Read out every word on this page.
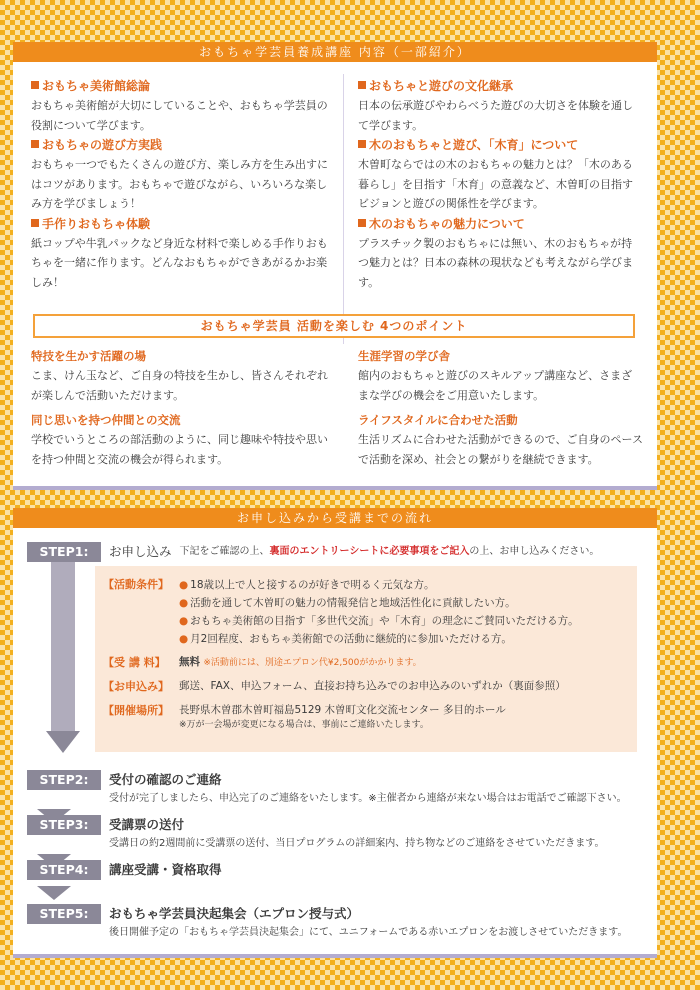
おもちゃ学芸員養成講座 内容（一部紹介）
おもちゃ美術館総論
おもちゃ美術館が大切にしていることや、おもちゃ学芸員の役割について学びます。
おもちゃの遊び方実践
おもちゃ一つでもたくさんの遊び方、楽しみ方を生み出すにはコツがあります。おもちゃで遊びながら、いろいろな楽しみ方を学びましょう！
手作りおもちゃ体験
紙コップや牛乳パックなど身近な材料で楽しめる手作りおもちゃを一緒に作ります。どんなおもちゃができあがるかお楽しみ！
おもちゃと遊びの文化継承
日本の伝承遊びやわらべうた遊びの大切さを体験を通して学びます。
木のおもちゃと遊び、「木育」について
木曽町ならではの木のおもちゃの魅力とは？「木のある暮らし」を目指す「木育」の意義など、木曽町の目指すビジョンと遊びの関係性を学びます。
木のおもちゃの魅力について
プラスチック製のおもちゃには無い、木のおもちゃが持つ魅力とは？日本の森林の現状なども考えながら学びます。
おもちゃ学芸員 活動を楽しむ 4つのポイント
特技を生かす活躍の場
こま、けん玉など、ご自身の特技を生かし、皆さんそれぞれが楽しんで活動いただけます。
同じ思いを持つ仲間との交流
学校でいうところの部活動のように、同じ趣味や特技や思いを持つ仲間と交流の機会が得られます。
生涯学習の学び舎
館内のおもちゃと遊びのスキルアップ講座など、さまざまな学びの機会をご用意いたします。
ライフスタイルに合わせた活動
生活リズムに合わせた活動ができるので、ご自身のペースで活動を深め、社会との繋がりを継続できます。
お申し込みから受講までの流れ
STEP1:	お申し込み 下記をご確認の上、裏面のエントリーシートに必要事項をご記入の上、お申し込みください。
【活動条件】 ● 18歳以上で人と接するのが好きで明るく元気な方。
● 活動を通して木曽町の魅力の情報発信と地域活性化に貢献したい方。
● おもちゃ美術館の目指す「多世代交流」や「木育」の理念にご賛同いただける方。
● 月2回程度、おもちゃ美術館での活動に継続的に参加いただける方。
【受 講 料】	無料 ※活動前には、別途エプロン代¥2,500がかかります。
【お申込み】 郵送、FAX、申込フォーム、直接お持ち込みでのお申込みのいずれか（裏面参照）
【開催場所】 長野県木曽郡木曽町福島5129 木曽町文化交流センター 多目的ホール
※万が一会場が変更になる場合は、事前にご連絡いたします。
STEP2:	受付の確認のご連絡
受付が完了しましたら、申込完了のご連絡をいたします。※主催者から連絡が来ない場合はお電話でご確認下さい。
STEP3:	受講票の送付
受講日の約2週間前に受講票の送付、当日プログラムの詳細案内、持ち物などのご連絡をさせていただきます。
STEP4:	講座受講・資格取得
STEP5:	おもちゃ学芸員決起集会（エプロン授与式）
後日開催予定の「おもちゃ学芸員決起集会」にて、ユニフォームである赤いエプロンをお渡しさせていただきます。
